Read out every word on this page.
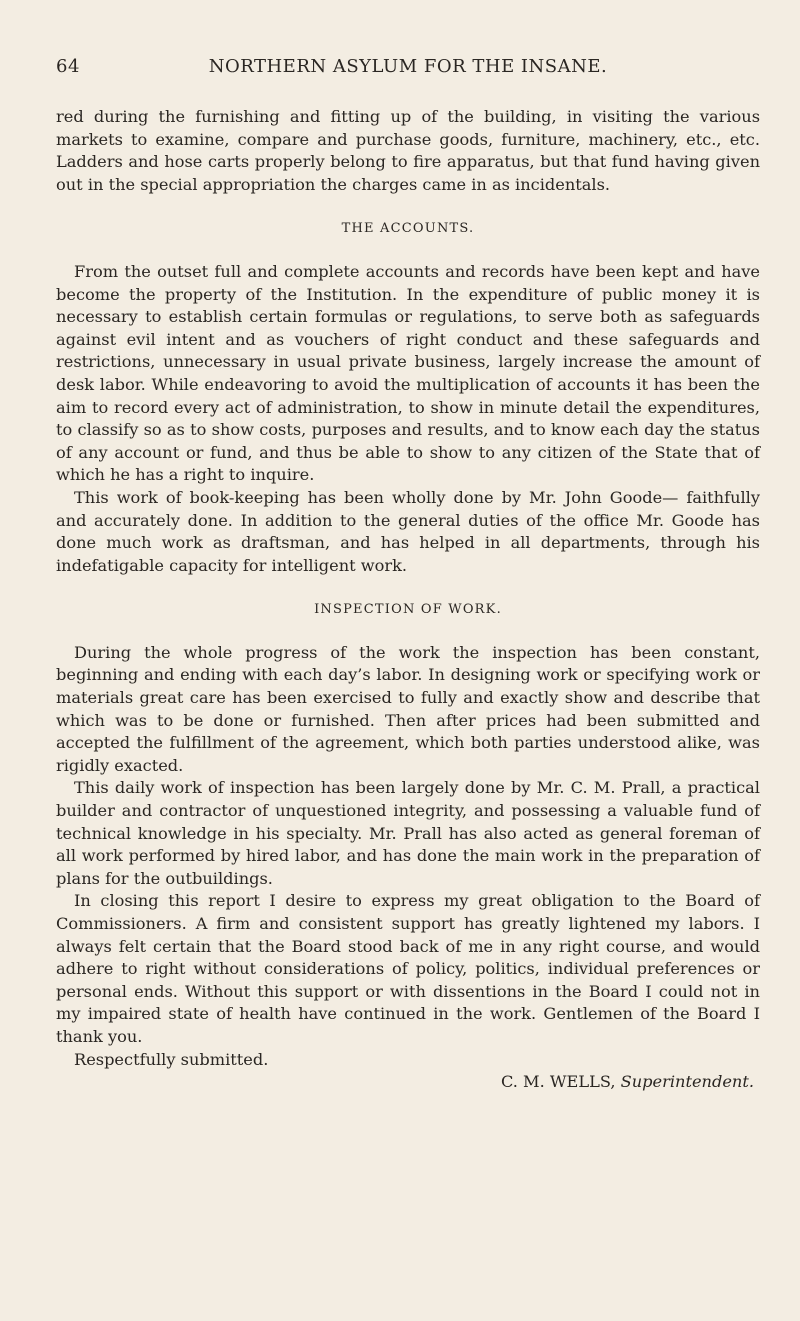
64	NORTHERN ASYLUM FOR THE INSANE.

red during the furnishing and fitting up of the building, in visiting the various markets to examine, compare and purchase goods, furniture, machinery, etc., etc. Ladders and hose carts properly belong to fire apparatus, but that fund having given out in the special appropriation the charges came in as incidentals.

THE ACCOUNTS.

From the outset full and complete accounts and records have been kept and have become the property of the Institution. In the expenditure of public money it is necessary to establish certain formulas or regulations, to serve both as safeguards against evil intent and as vouchers of right conduct and these safeguards and restrictions, unnecessary in usual private business, largely increase the amount of desk labor. While endeavoring to avoid the multiplication of accounts it has been the aim to record every act of administration, to show in minute detail the expenditures, to classify so as to show costs, purposes and results, and to know each day the status of any account or fund, and thus be able to show to any citizen of the State that of which he has a right to inquire.

This work of book-keeping has been wholly done by Mr. John Goode— faithfully and accurately done. In addition to the general duties of the office Mr. Goode has done much work as draftsman, and has helped in all departments, through his indefatigable capacity for intelligent work.

INSPECTION OF WORK.

During the whole progress of the work the inspection has been constant, beginning and ending with each day’s labor. In designing work or specifying work or materials great care has been exercised to fully and exactly show and describe that which was to be done or furnished. Then after prices had been submitted and accepted the fulfillment of the agreement, which both parties understood alike, was rigidly exacted.

This daily work of inspection has been largely done by Mr. C. M. Prall, a practical builder and contractor of unquestioned integrity, and possessing a valuable fund of technical knowledge in his specialty. Mr. Prall has also acted as general foreman of all work performed by hired labor, and has done the main work in the preparation of plans for the outbuildings.

In closing this report I desire to express my great obligation to the Board of Commissioners. A firm and consistent support has greatly lightened my labors. I always felt certain that the Board stood back of me in any right course, and would adhere to right without considerations of policy, politics, individual preferences or personal ends. Without this support or with dissentions in the Board I could not in my impaired state of health have continued in the work. Gentlemen of the Board I thank you.

Respectfully submitted.

C. M. WELLS, Superintendent.
